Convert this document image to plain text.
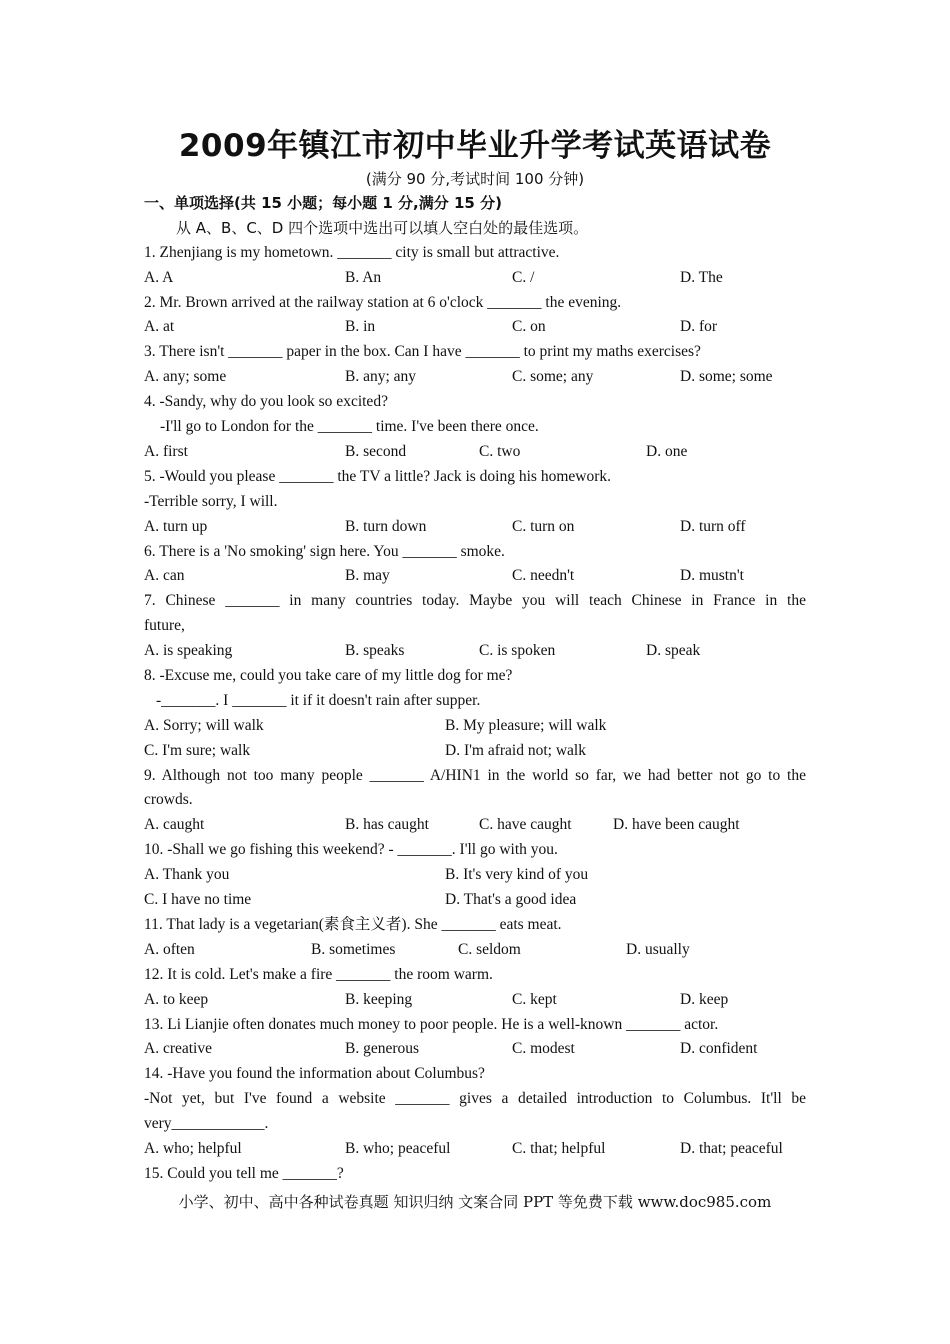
2009年镇江市初中毕业升学考试英语试卷
(满分 90 分,考试时间 100 分钟)
一、单项选择(共 15 小题；每小题 1 分,满分 15 分)
从 A、B、C、D 四个选项中选出可以填人空白处的最佳选项。
1. Zhenjiang is my hometown. _______ city is small but attractive.
A. A	B. An	C. /	D. The
2. Mr. Brown arrived at the railway station at 6 o'clock _______ the evening.
A. at	B. in	C. on	D. for
3. There isn't _______ paper in the box. Can I have _______ to print my maths exercises?
A. any; some	B. any; any	C. some; any	D. some; some
4. -Sandy, why do you look so excited?
-I'll go to London for the _______ time. I've been there once.
A. first	B. second	C. two	D. one
5. -Would you please _______ the TV a little? Jack is doing his homework.
-Terrible sorry, I will.
A. turn up	B. turn down	C. turn on	D. turn off
6. There is a 'No smoking' sign here. You _______ smoke.
A. can	B. may	C. needn't	D. mustn't
7. Chinese _______ in many countries today. Maybe you will teach Chinese in France in the
future,
A. is speaking	B. speaks	C. is spoken	D. speak
8. -Excuse me, could you take care of my little dog for me?
-_______. I _______ it if it doesn't rain after supper.
A. Sorry; will walk	B. My pleasure; will walk
C. I'm sure; walk	D. I'm afraid not; walk
9. Although not too many people _______ A/HIN1 in the world so far, we had better not go to the
crowds.
A. caught	B. has caught	C. have caught	D. have been caught
10. -Shall we go fishing this weekend? - _______. I'll go with you.
A. Thank you	B. It's very kind of you
C. I have no time	D. That's a good idea
11. That lady is a vegetarian(素食主义者). She _______ eats meat.
A. often	B. sometimes	C. seldom	D. usually
12. It is cold. Let's make a fire _______ the room warm.
A. to keep	B. keeping	C. kept	D. keep
13. Li Lianjie often donates much money to poor people. He is a well-known _______ actor.
A. creative	B. generous	C. modest	D. confident
14. -Have you found the information about Columbus?
-Not yet, but I've found a website _______ gives a detailed introduction to Columbus. It'll be
very____________.
A. who; helpful	B. who; peaceful	C. that; helpful	D. that; peaceful
15. Could you tell me _______?
小学、初中、高中各种试卷真题 知识归纳 文案合同 PPT 等免费下载 www.doc985.com
